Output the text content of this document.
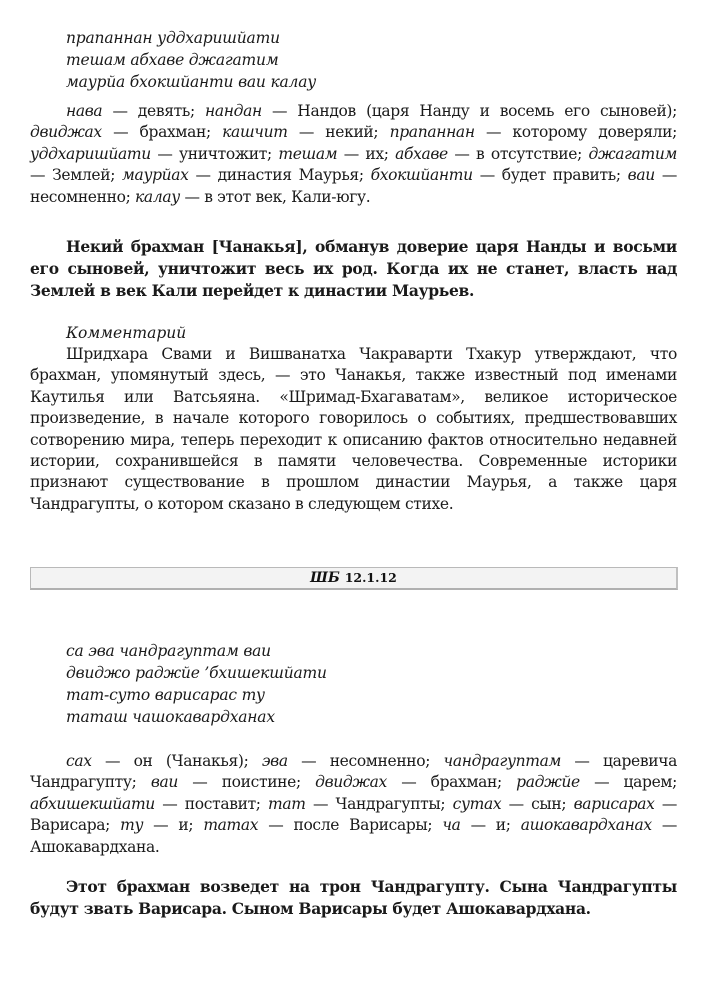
прапаннан уддхаришйати
тешам абхаве джагатим
маурйа бхокшйанти ваи калау

нава — девять; нандан — Нандов (царя Нанду и восемь его сыновей); двиджах — брахман; кашчит — некий; прапаннан — которому доверяли; уддхаришйати — уничтожит; тешам — их; абхаве — в отсутствие; джагатим — Землей; маурйах — династия Маурья; бхокшйанти — будет править; ваи — несомненно; калау — в этот век, Кали-югу.

Некий брахман [Чанакья], обманув доверие царя Нанды и восьми его сыновей, уничтожит весь их род. Когда их не станет, власть над Землей в век Кали перейдет к династии Маурьев.

Комментарий

Шридхара Свами и Вишванатха Чакраварти Тхакур утверждают, что брахман, упомянутый здесь, — это Чанакья, также известный под именами Каутилья или Ватсьяяна. «Шримад-Бхагаватам», великое историческое произведение, в начале которого говорилось о событиях, предшествовавших сотворению мира, теперь переходит к описанию фактов относительно недавней истории, сохранившейся в памяти человечества. Современные историки признают существование в прошлом династии Маурья, а также царя Чандрагупты, о котором сказано в следующем стихе.

ШБ 12.1.12
са эва чандрагуптам ваи
двиджо раджйе ’бхишекшйати
тат-суто варисарас ту
таташ чашокавардханах

сах — он (Чанакья); эва — несомненно; чандрагуптам — царевича Чандрагупту; ваи — поистине; двиджах — брахман; раджйе — царем; абхишекшйати — поставит; тат — Чандрагупты; сутах — сын; варисарах — Варисара; ту — и; татах — после Варисары; ча — и; ашокавардханах — Ашокавардхана.

Этот брахман возведет на трон Чандрагупту. Сына Чандрагупты будут звать Варисара. Сыном Варисары будет Ашокавардхана.
